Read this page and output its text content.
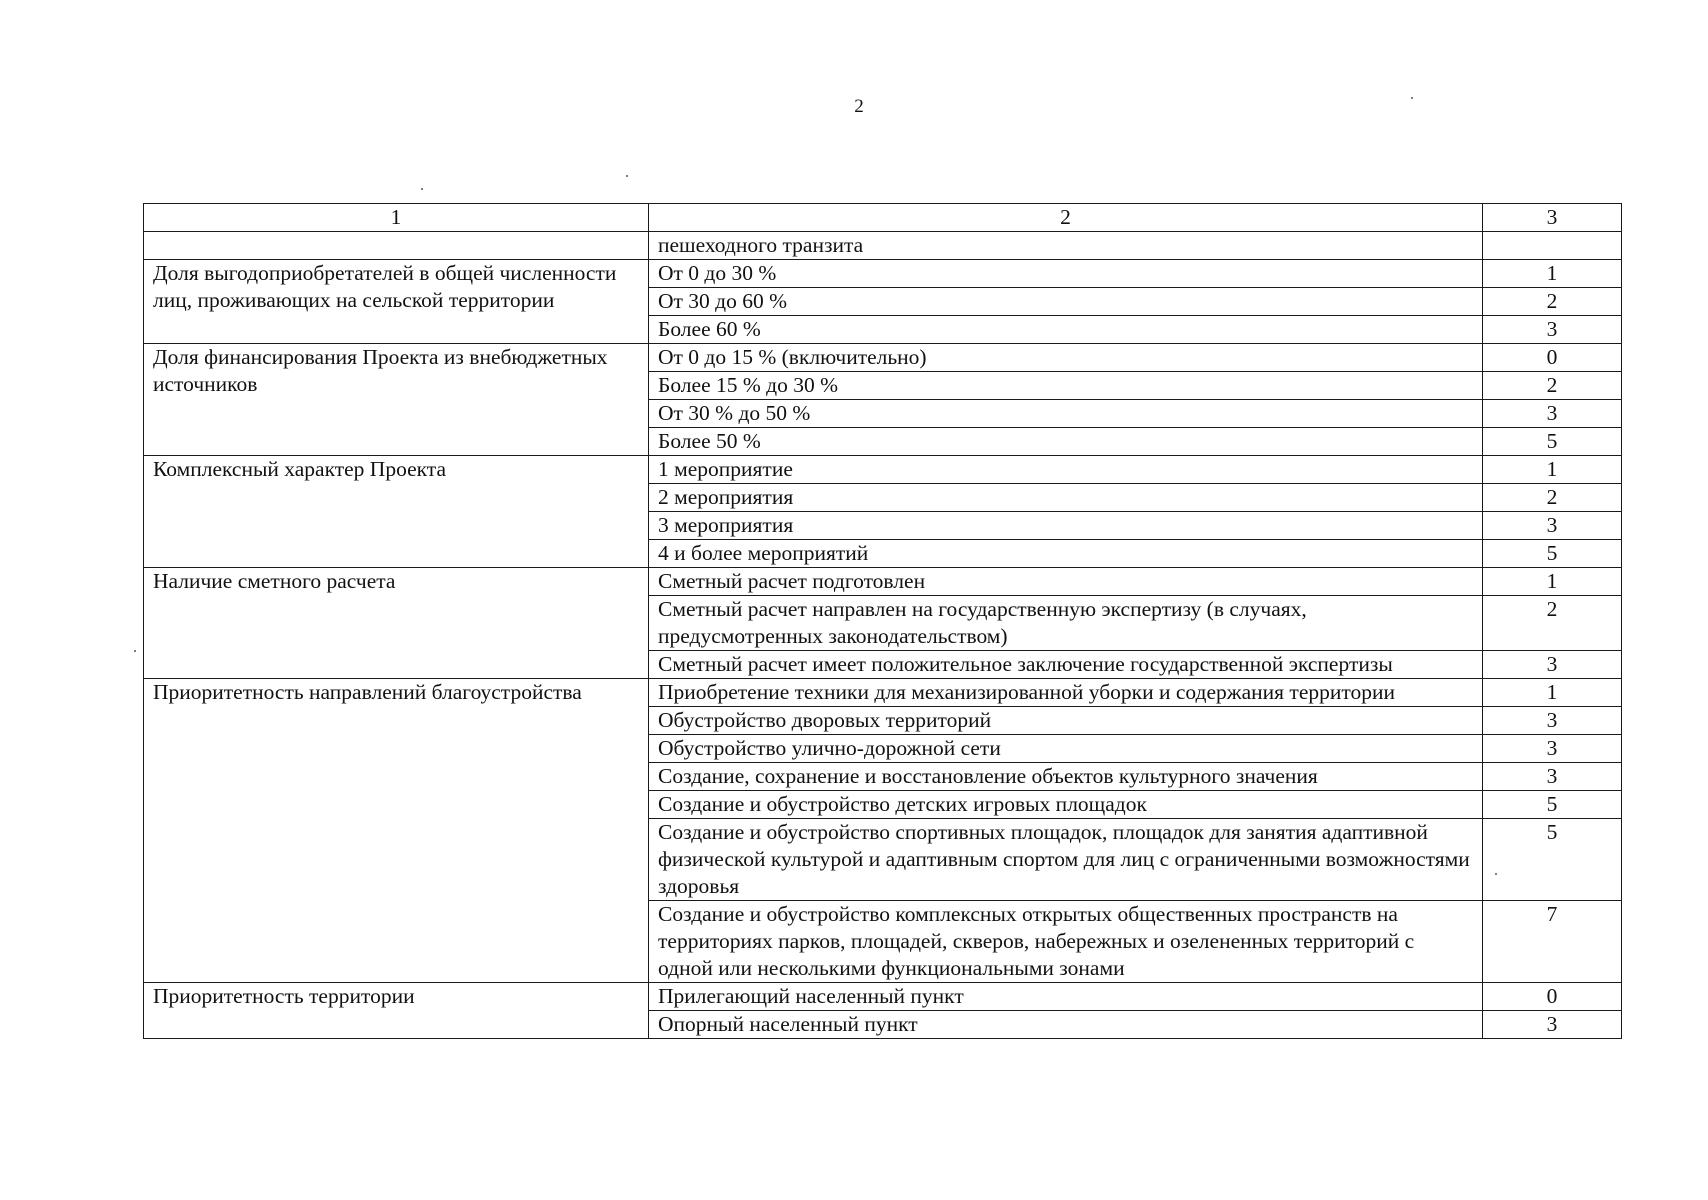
2
1	2	3
	пешеходного транзита	
Доля выгодоприобретателей в общей численности лиц, проживающих на сельской территории	От 0 до 30 %	1
	От 30 до 60 %	2
	Более 60 %	3
Доля финансирования Проекта из внебюджетных источников	От 0 до 15 % (включительно)	0
	Более 15 % до 30 %	2
	От 30 % до 50 %	3
	Более 50 %	5
Комплексный характер Проекта	1 мероприятие	1
	2 мероприятия	2
	3 мероприятия	3
	4 и более мероприятий	5
Наличие сметного расчета	Сметный расчет подготовлен	1
	Сметный расчет направлен на государственную экспертизу (в случаях, предусмотренных законодательством)	2
	Сметный расчет имеет положительное заключение государственной экспертизы	3
Приоритетность направлений благоустройства	Приобретение техники для механизированной уборки и содержания территории	1
	Обустройство дворовых территорий	3
	Обустройство улично-дорожной сети	3
	Создание, сохранение и восстановление объектов культурного значения	3
	Создание и обустройство детских игровых площадок	5
	Создание и обустройство спортивных площадок, площадок для занятия адаптивной физической культурой и адаптивным спортом для лиц с ограниченными возможностями здоровья	5
	Создание и обустройство комплексных открытых общественных пространств на территориях парков, площадей, скверов, набережных и озелененных территорий с одной или несколькими функциональными зонами	7
Приоритетность территории	Прилегающий населенный пункт	0
	Опорный населенный пункт	3
